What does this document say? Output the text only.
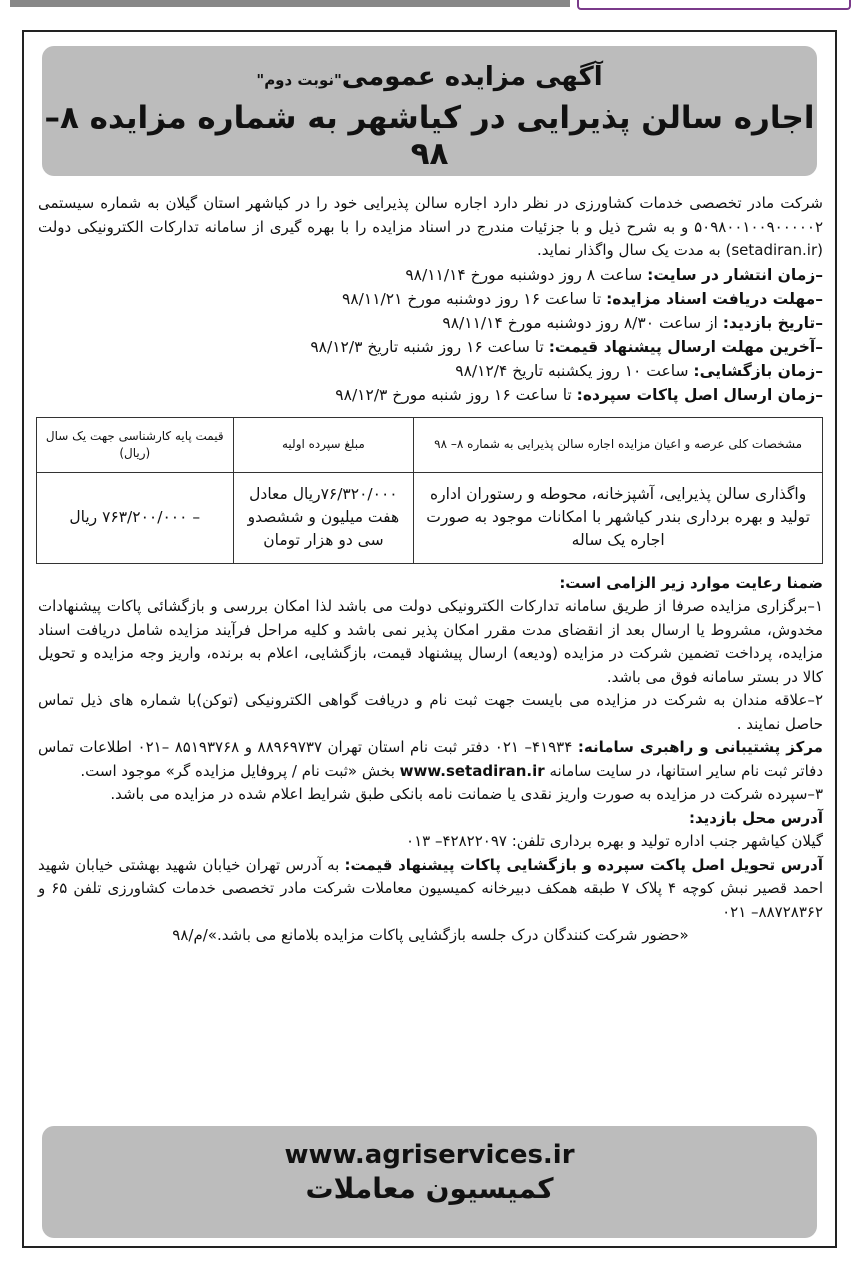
آگهی مزایده عمومی"نوبت دوم"
اجاره سالن پذیرایی در کیاشهر به شماره مزایده ۸–۹۸

شرکت مادر تخصصی خدمات کشاورزی در نظر دارد اجاره سالن پذیرایی خود را در کیاشهر استان گیلان به شماره سیستمی ۵۰۹۸۰۰۱۰۰۹۰۰۰۰۰۲ و به شرح ذیل و با جزئیات مندرج در اسناد مزایده را با بهره گیری از سامانه تدارکات الکترونیکی دولت (setadiran.ir) به مدت یک سال واگذار نماید.

–زمان انتشار در سایت: ساعت ۸ روز دوشنبه مورخ ۹۸/۱۱/۱۴

–مهلت دریافت اسناد مزایده: تا ساعت ۱۶ روز دوشنبه مورخ ۹۸/۱۱/۲۱

–تاریخ بازدید: از ساعت ۸/۳۰ روز دوشنبه مورخ ۹۸/۱۱/۱۴

–آخرین مهلت ارسال پیشنهاد قیمت: تا ساعت ۱۶ روز شنبه تاریخ ۹۸/۱۲/۳

–زمان بازگشایی: ساعت ۱۰ روز یکشنبه تاریخ ۹۸/۱۲/۴

–زمان ارسال اصل پاکات سپرده: تا ساعت ۱۶ روز شنبه مورخ ۹۸/۱۲/۳

مشخصات کلی عرصه و اعیان مزایده اجاره سالن پذیرایی به شماره ۸– ۹۸	مبلغ سپرده اولیه	قیمت پایه کارشناسی جهت یک سال (ریال)
واگذاری سالن پذیرایی، آشپزخانه، محوطه و رستوران اداره تولید و بهره برداری بندر کیاشهر با امکانات موجود به صورت اجاره یک ساله	۷۶/۳۲۰/۰۰۰ریال معادل هفت میلیون و ششصدو سی دو هزار تومان	– ۷۶۳/۲۰۰/۰۰۰ ریال

ضمنا رعایت موارد زیر الزامی است:

۱–برگزاری مزایده صرفا از طریق سامانه تدارکات الکترونیکی دولت می باشد لذا امکان بررسی و بازگشائی پاکات پیشنهادات مخدوش، مشروط یا ارسال بعد از انقضای مدت مقرر امکان پذیر نمی باشد و کلیه مراحل فرآیند مزایده شامل دریافت اسناد مزایده، پرداخت تضمین شرکت در مزایده (ودیعه) ارسال پیشنهاد قیمت، بازگشایی، اعلام به برنده، واریز وجه مزایده و تحویل کالا در بستر سامانه فوق می باشد.

۲–علاقه مندان به شرکت در مزایده می بایست جهت ثبت نام و دریافت گواهی الکترونیکی (توکن)با شماره های ذیل تماس حاصل نمایند .

مرکز پشتیبانی و راهبری سامانه: ۴۱۹۳۴– ۰۲۱ دفتر ثبت نام استان تهران ۸۸۹۶۹۷۳۷ و ۸۵۱۹۳۷۶۸ –۰۲۱ اطلاعات تماس دفاتر ثبت نام سایر استانها، در سایت سامانه www.setadiran.ir بخش «ثبت نام / پروفایل مزایده گر» موجود است.

۳–سپرده شرکت در مزایده به صورت واریز نقدی یا ضمانت نامه بانکی طبق شرایط اعلام شده در مزایده می باشد.

آدرس محل بازدید:

گیلان کیاشهر جنب اداره تولید و بهره برداری تلفن: ۴۲۸۲۲۰۹۷– ۰۱۳

آدرس تحویل اصل پاکت سپرده و بازگشایی پاکات پیشنهاد قیمت: به آدرس تهران خیابان شهید بهشتی خیابان شهید احمد قصیر نبش کوچه ۴ پلاک ۷ طبقه همکف دبیرخانه کمیسیون معاملات شرکت مادر تخصصی خدمات کشاورزی تلفن ۶۵ و ۸۸۷۲۸۳۶۲– ۰۲۱

«حضور شرکت کنندگان درک جلسه بازگشایی پاکات مزایده بلامانع می باشد.»/م/۹۸

www.agriservices.ir
کمیسیون معاملات
